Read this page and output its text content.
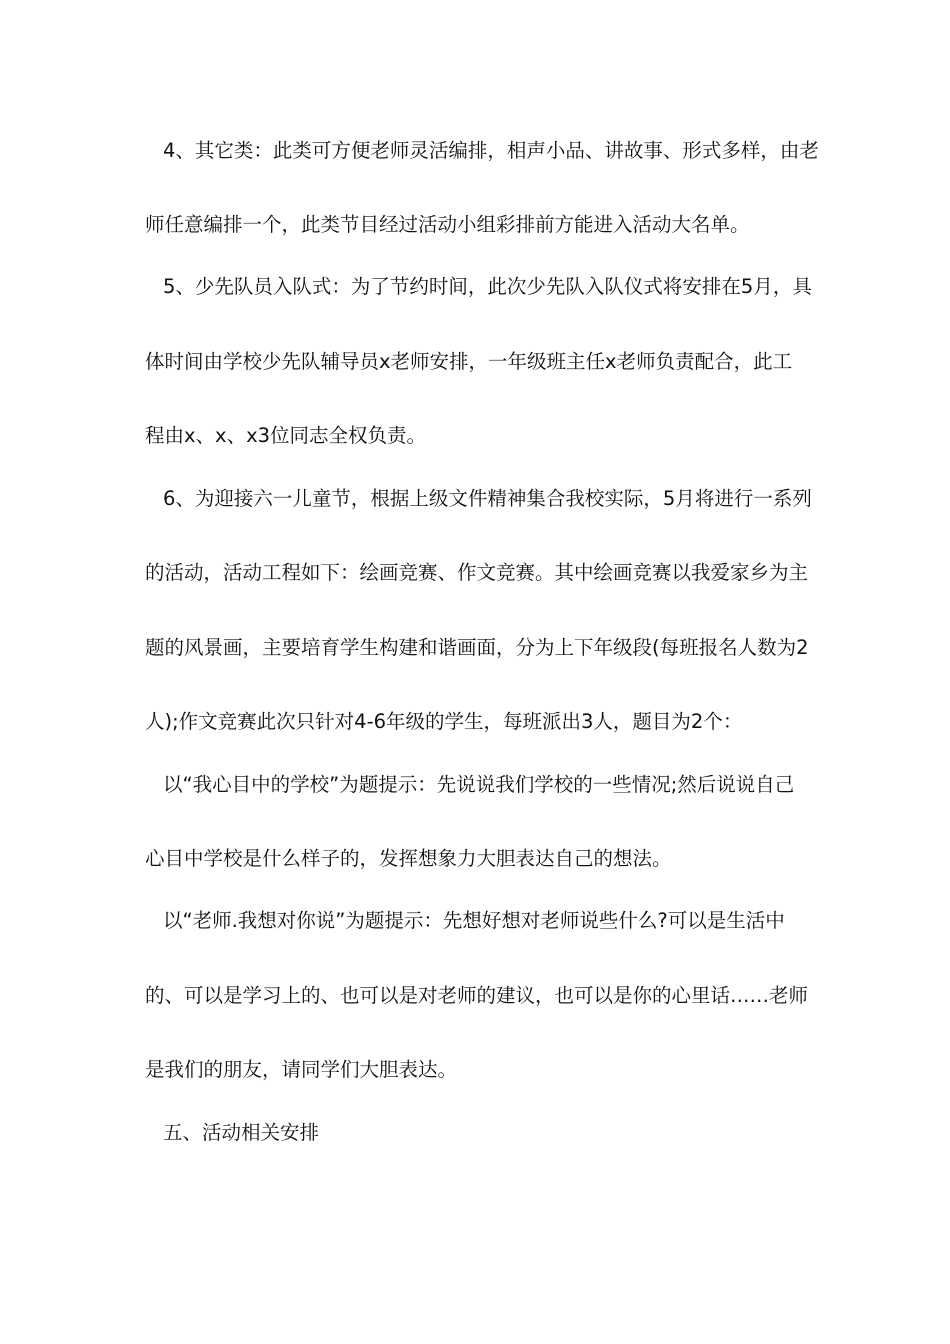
4、其它类：此类可方便老师灵活编排，相声小品、讲故事、形式多样，由老
师任意编排一个，此类节目经过活动小组彩排前方能进入活动大名单。
5、少先队员入队式：为了节约时间，此次少先队入队仪式将安排在5月，具
体时间由学校少先队辅导员x老师安排，一年级班主任x老师负责配合，此工
程由x、x、x3位同志全权负责。
6、为迎接六一儿童节，根据上级文件精神集合我校实际，5月将进行一系列
的活动，活动工程如下：绘画竞赛、作文竞赛。其中绘画竞赛以我爱家乡为主
题的风景画，主要培育学生构建和谐画面，分为上下年级段(每班报名人数为2
人);作文竞赛此次只针对4-6年级的学生，每班派出3人，题目为2个：
以“我心目中的学校”为题提示：先说说我们学校的一些情况;然后说说自己
心目中学校是什么样子的，发挥想象力大胆表达自己的想法。
以“老师.我想对你说”为题提示：先想好想对老师说些什么?可以是生活中
的、可以是学习上的、也可以是对老师的建议，也可以是你的心里话……老师
是我们的朋友，请同学们大胆表达。
五、活动相关安排
